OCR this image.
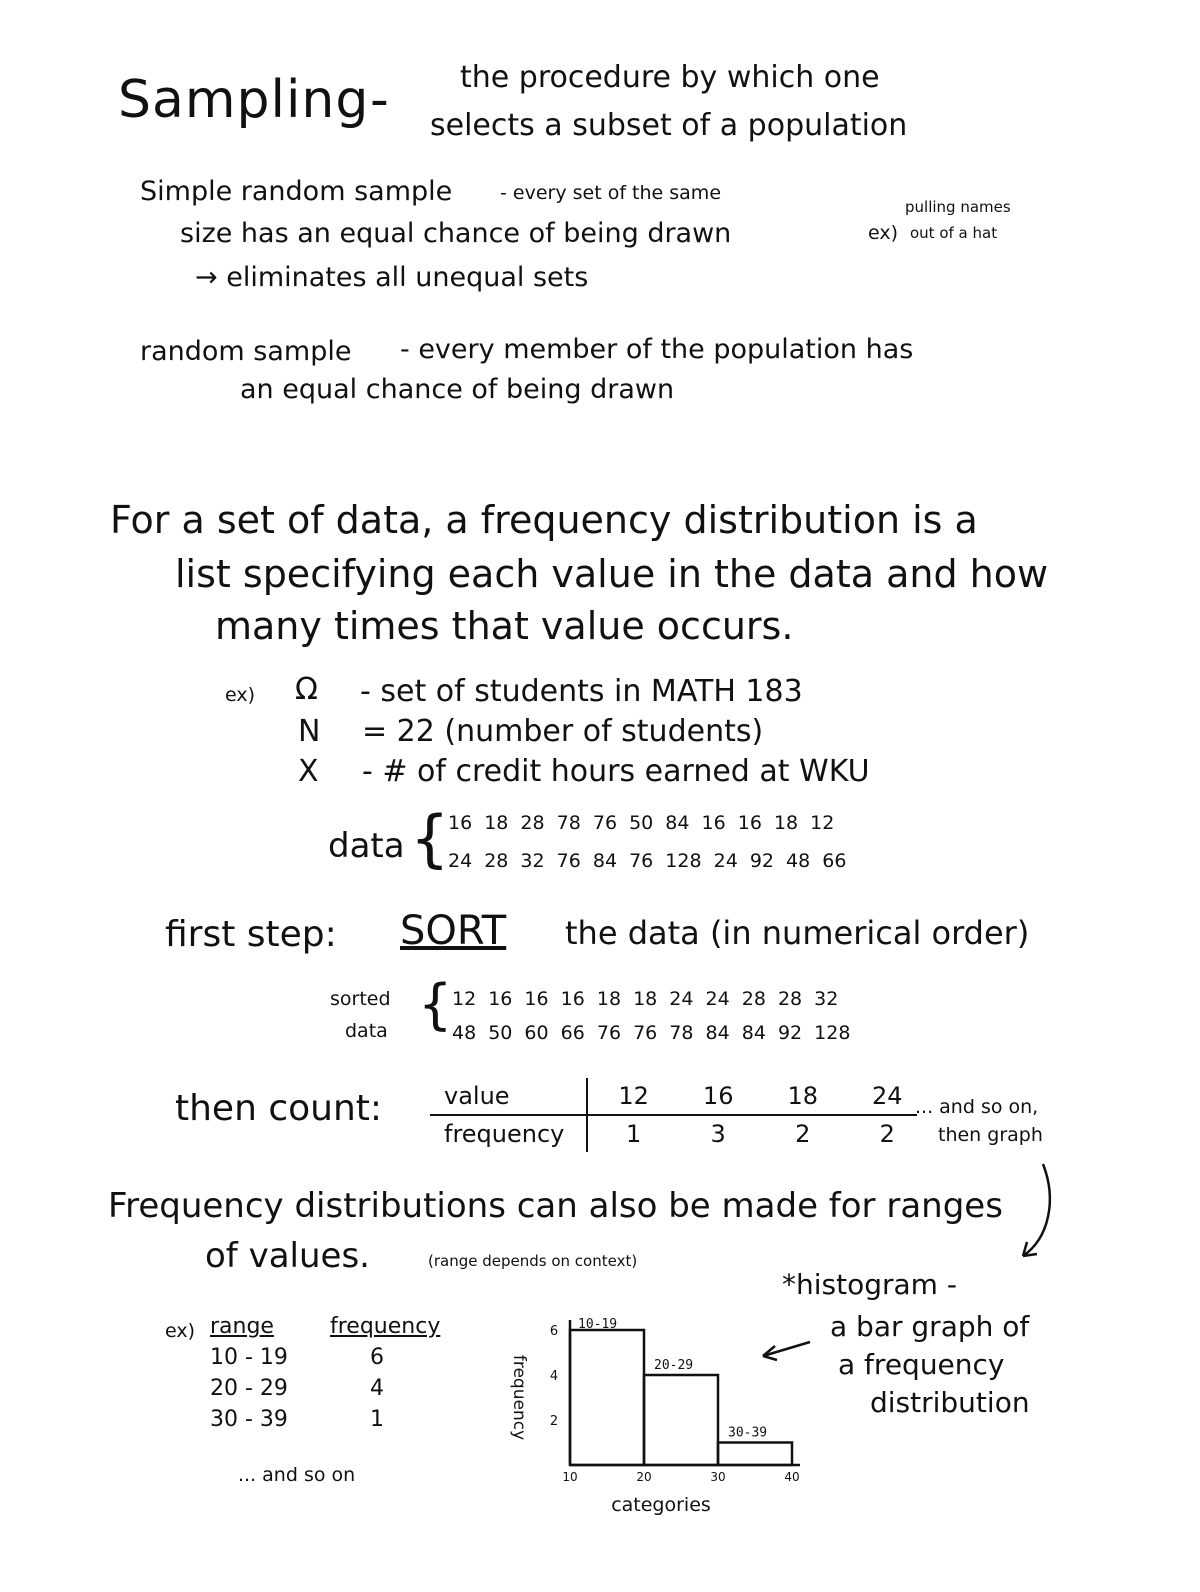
Sampling - the procedure by which one
selects a subset of a population
Simple random sample	- every set of the same
size has an equal chance of being drawn
→ eliminates all unequal sets
ex)
pulling names
out of a hat
random sample - every member of the population has
an equal chance of being drawn
For a set of data, a frequency distribution is a
list specifying each value in the data and how
many times that value occurs.
ex) Ω - set of students in MATH 183
N = 22 (number of students)
X - # of credit hours earned at WKU
data {
16 18 28 78 76 50 84 16 16 18 12
24 28 32 76 84 76 128 24 92 48 66
first step: SORT the data (in numerical order)
sorted
data { 12 16 16 16 18 18 24 24 28 28 32
48 50 60 66 76 76 78 84 84 92 128
then count:	value	12	16	18	24
frequency	1	3	2	2
... and so on,
then graph
Frequency distributions can also be made for ranges
of values.	(range depends on context)
ex) range	frequency
10 - 19	6
20 - 29	4
30 - 39	1
... and so on
10-19
20-29
30-39
2
4
6
10	20	30	40
frequency
categories
*histogram -
a bar graph of
a frequency
distribution
